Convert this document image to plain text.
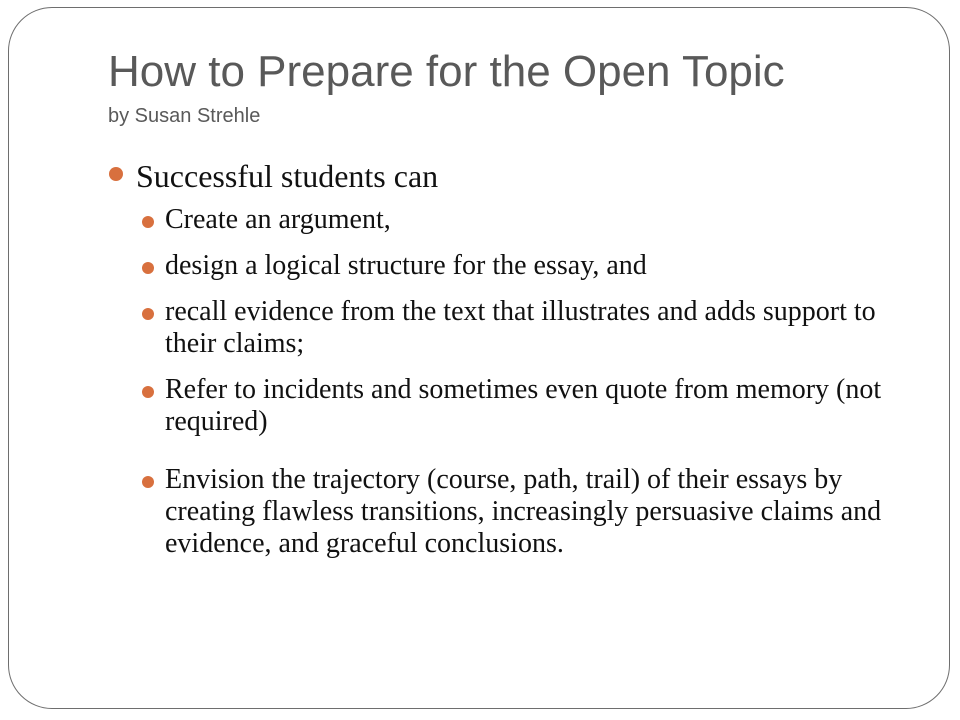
How to Prepare for the Open Topic
by Susan Strehle
Successful students can
Create an argument,
design a logical structure for the essay, and
recall evidence from the text that illustrates and adds support to their claims;
Refer to incidents and sometimes even quote from memory (not required)
Envision the trajectory (course, path, trail) of their essays by creating flawless transitions, increasingly persuasive claims and evidence, and graceful conclusions.
